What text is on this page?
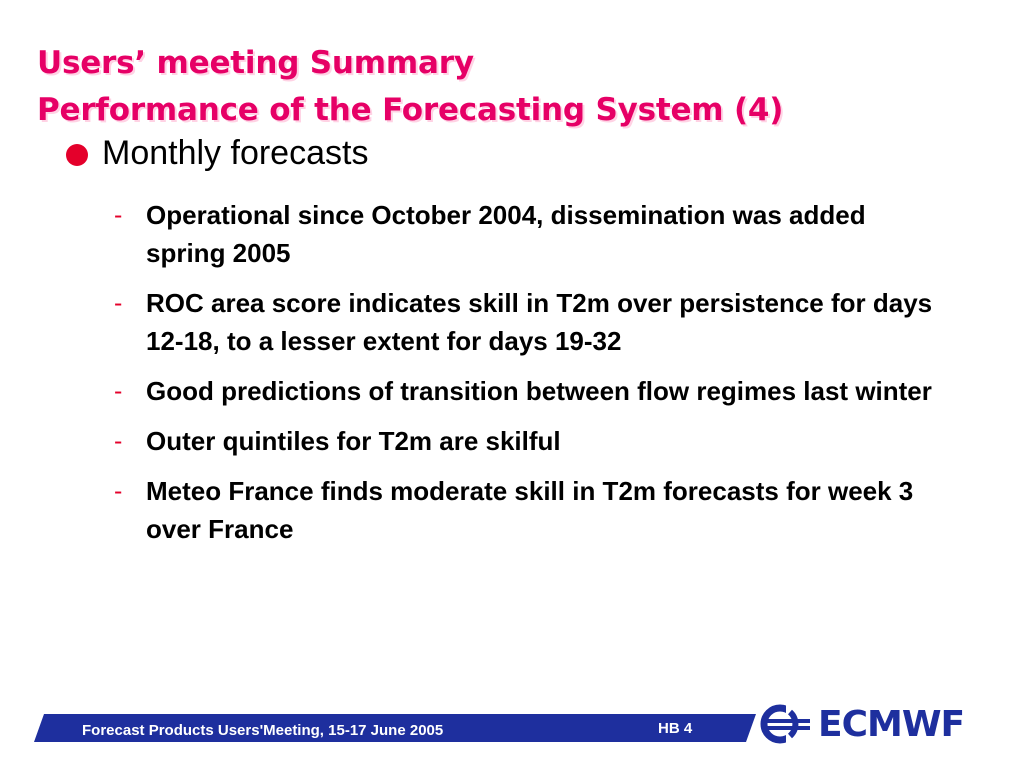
Users’ meeting Summary
Performance of the Forecasting System (4)
Monthly forecasts
- Operational since October 2004, dissemination was added spring 2005
- ROC area score indicates skill in T2m over persistence for days 12-18, to a lesser extent for days 19-32
- Good predictions of transition between flow regimes last winter
- Outer quintiles for T2m are skilful
- Meteo France finds moderate skill in T2m forecasts for week 3 over France
Forecast Products Users'Meeting, 15-17 June 2005	HB 4	ECMWF
